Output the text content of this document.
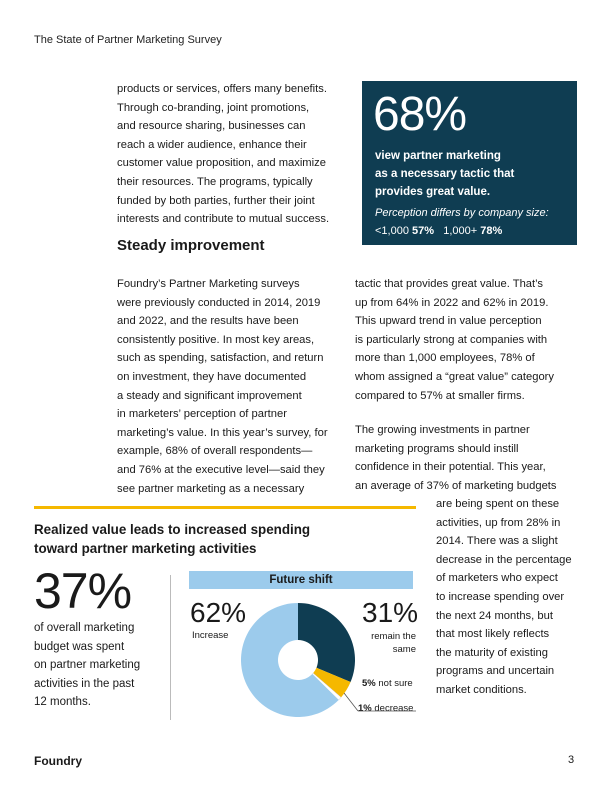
The State of Partner Marketing Survey
products or services, offers many benefits.
Through co-branding, joint promotions,
and resource sharing, businesses can
reach a wider audience, enhance their
customer value proposition, and maximize
their resources. The programs, typically
funded by both parties, further their joint
interests and contribute to mutual success.
68%
view partner marketing
as a necessary tactic that
provides great value.
Perception differs by company size:
<1,000 57% 1,000+ 78%
Steady improvement
Foundry’s Partner Marketing surveys
were previously conducted in 2014, 2019
and 2022, and the results have been
consistently positive. In most key areas,
such as spending, satisfaction, and return
on investment, they have documented
a steady and significant improvement
in marketers’ perception of partner
marketing’s value. In this year’s survey, for
example, 68% of overall respondents—
and 76% at the executive level—said they
see partner marketing as a necessary
tactic that provides great value. That’s
up from 64% in 2022 and 62% in 2019.
This upward trend in value perception
is particularly strong at companies with
more than 1,000 employees, 78% of
whom assigned a “great value” category
compared to 57% at smaller firms.
The growing investments in partner
marketing programs should instill
confidence in their potential. This year,
an average of 37% of marketing budgets
are being spent on these
activities, up from 28% in
2014. There was a slight
decrease in the percentage
of marketers who expect
to increase spending over
the next 24 months, but
that most likely reflects
the maturity of existing
programs and uncertain
market conditions.
Realized value leads to increased spending
toward partner marketing activities
37%
of overall marketing
budget was spent
on partner marketing
activities in the past
12 months.
Future shift
62%
Increase
31%
remain the
same
5% not sure
1% decrease
Foundry	3
